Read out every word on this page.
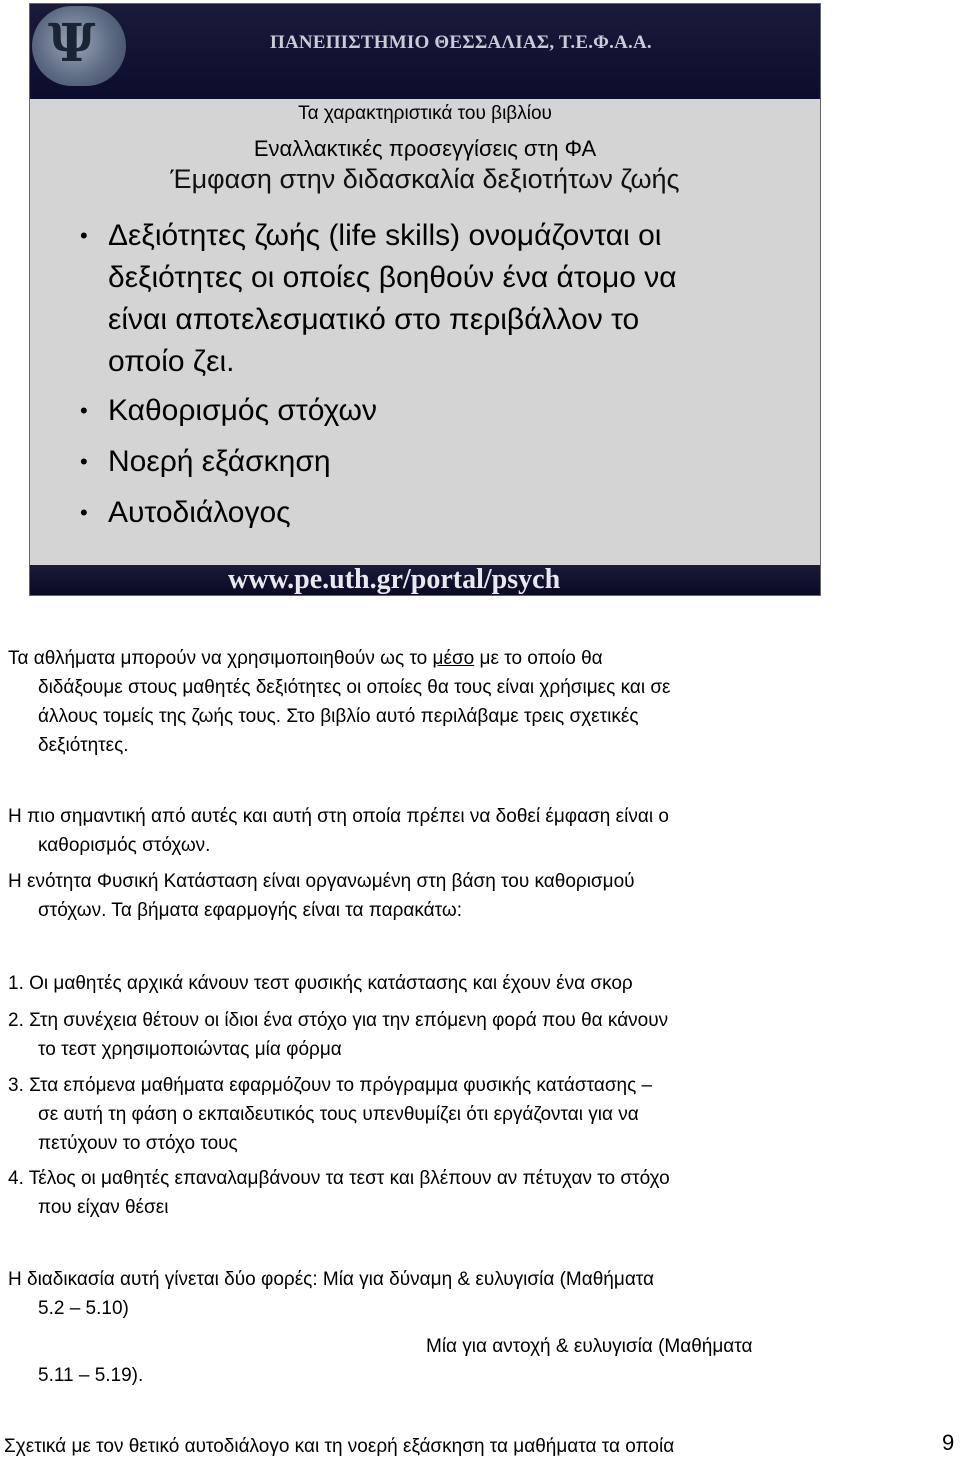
Ψ	ΠΑΝΕΠΙΣΤΗΜΙΟ ΘΕΣΣΑΛΙΑΣ, Τ.Ε.Φ.Α.Α.
Τα χαρακτηριστικά του βιβλίου
Εναλλακτικές προσεγγίσεις στη ΦΑ
Έμφαση στην διδασκαλία δεξιοτήτων ζωής
• Δεξιότητες ζωής (life skills) ονομάζονται οι
δεξιότητες οι οποίες βοηθούν ένα άτομο να
είναι αποτελεσματικό στο περιβάλλον το
οποίο ζει.
• Καθορισμός στόχων
• Νοερή εξάσκηση
• Αυτοδιάλογος
www.pe.uth.gr/portal/psych
Τα αθλήματα μπορούν να χρησιμοποιηθούν ως το μέσο με το οποίο θα
διδάξουμε στους μαθητές δεξιότητες οι οποίες θα τους είναι χρήσιμες και σε
άλλους τομείς της ζωής τους. Στο βιβλίο αυτό περιλάβαμε τρεις σχετικές
δεξιότητες.
Η πιο σημαντική από αυτές και αυτή στη οποία πρέπει να δοθεί έμφαση είναι ο
καθορισμός στόχων.
Η ενότητα Φυσική Κατάσταση είναι οργανωμένη στη βάση του καθορισμού
στόχων. Τα βήματα εφαρμογής είναι τα παρακάτω:
1. Οι μαθητές αρχικά κάνουν τεστ φυσικής κατάστασης και έχουν ένα σκορ
2. Στη συνέχεια θέτουν οι ίδιοι ένα στόχο για την επόμενη φορά που θα κάνουν
το τεστ χρησιμοποιώντας μία φόρμα
3. Στα επόμενα μαθήματα εφαρμόζουν το πρόγραμμα φυσικής κατάστασης –
σε αυτή τη φάση ο εκπαιδευτικός τους υπενθυμίζει ότι εργάζονται για να
πετύχουν το στόχο τους
4. Τέλος οι μαθητές επαναλαμβάνουν τα τεστ και βλέπουν αν πέτυχαν το στόχο
που είχαν θέσει
Η διαδικασία αυτή γίνεται δύο φορές: Μία για δύναμη & ευλυγισία (Μαθήματα
5.2 – 5.10)
Μία για αντοχή & ευλυγισία (Μαθήματα
5.11 – 5.19).
Σχετικά με τον θετικό αυτοδιάλογο και τη νοερή εξάσκηση τα μαθήματα τα οποία	9
